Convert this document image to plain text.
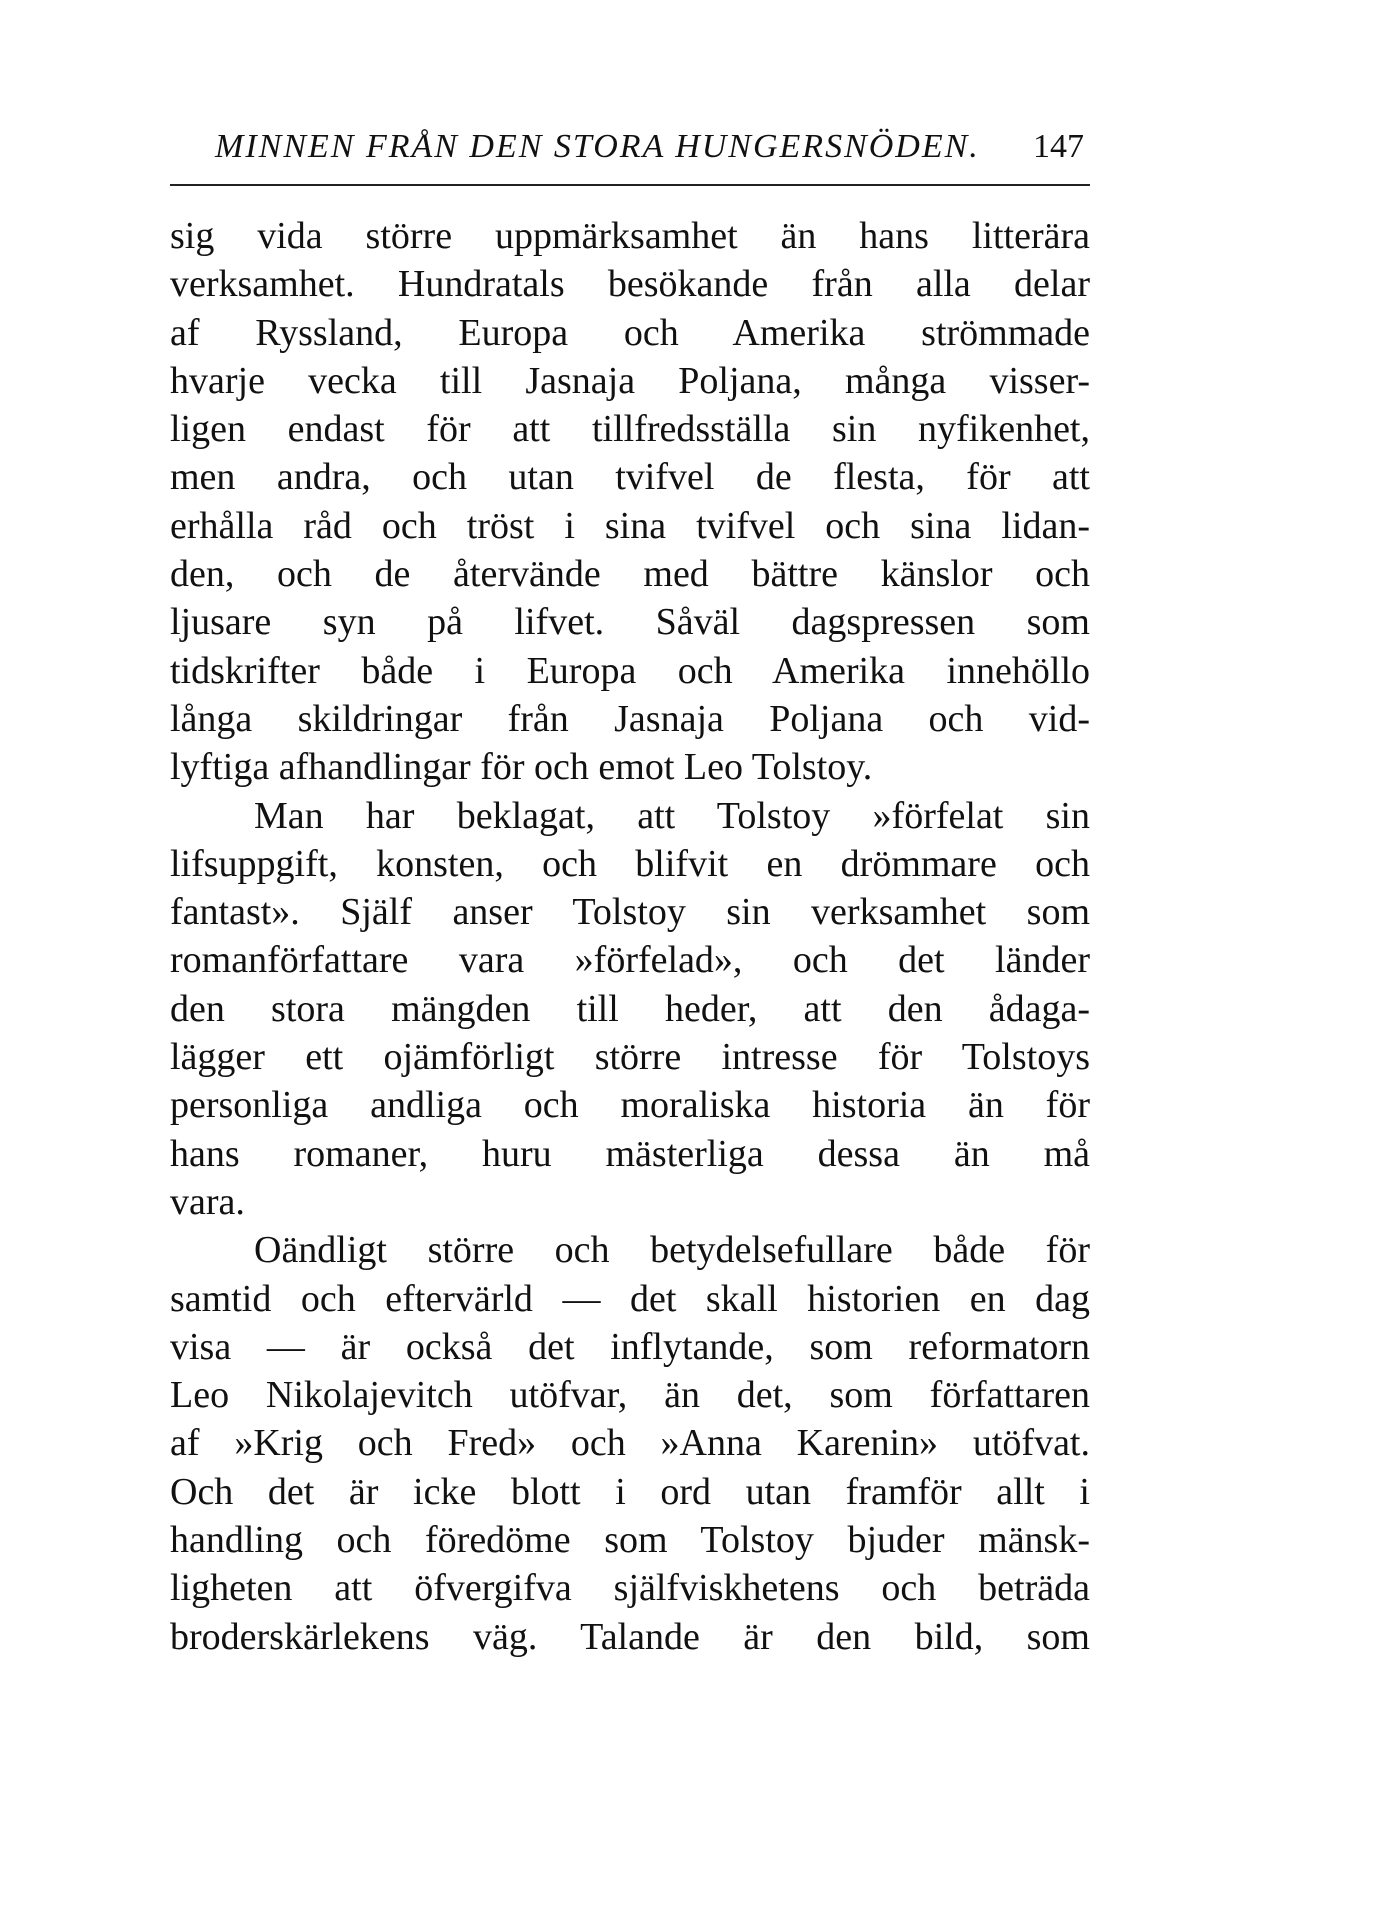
MINNEN FRÅN DEN STORA HUNGERSNÖDEN. 147
sig vida större uppmärksamhet än hans litterära
verksamhet. Hundratals besökande från alla delar
af Ryssland, Europa och Amerika strömmade
hvarje vecka till Jasnaja Poljana, många visser-
ligen endast för att tillfredsställa sin nyfikenhet,
men andra, och utan tvifvel de flesta, för att
erhålla råd och tröst i sina tvifvel och sina lidan-
den, och de återvände med bättre känslor och
ljusare syn på lifvet. Såväl dagspressen som
tidskrifter både i Europa och Amerika innehöllo
långa skildringar från Jasnaja Poljana och vid-
lyftiga afhandlingar för och emot Leo Tolstoy.
Man har beklagat, att Tolstoy »förfelat sin
lifsuppgift, konsten, och blifvit en drömmare och
fantast». Själf anser Tolstoy sin verksamhet som
romanförfattare vara »förfelad», och det länder
den stora mängden till heder, att den ådaga-
lägger ett ojämförligt större intresse för Tolstoys
personliga andliga och moraliska historia än för
hans romaner, huru mästerliga dessa än må
vara.
Oändligt större och betydelsefullare både för
samtid och eftervärld — det skall historien en dag
visa — är också det inflytande, som reformatorn
Leo Nikolajevitch utöfvar, än det, som författaren
af »Krig och Fred» och »Anna Karenin» utöfvat.
Och det är icke blott i ord utan framför allt i
handling och föredöme som Tolstoy bjuder mänsk-
ligheten att öfvergifva själfviskhetens och beträda
broderskärlekens väg. Talande är den bild, som
